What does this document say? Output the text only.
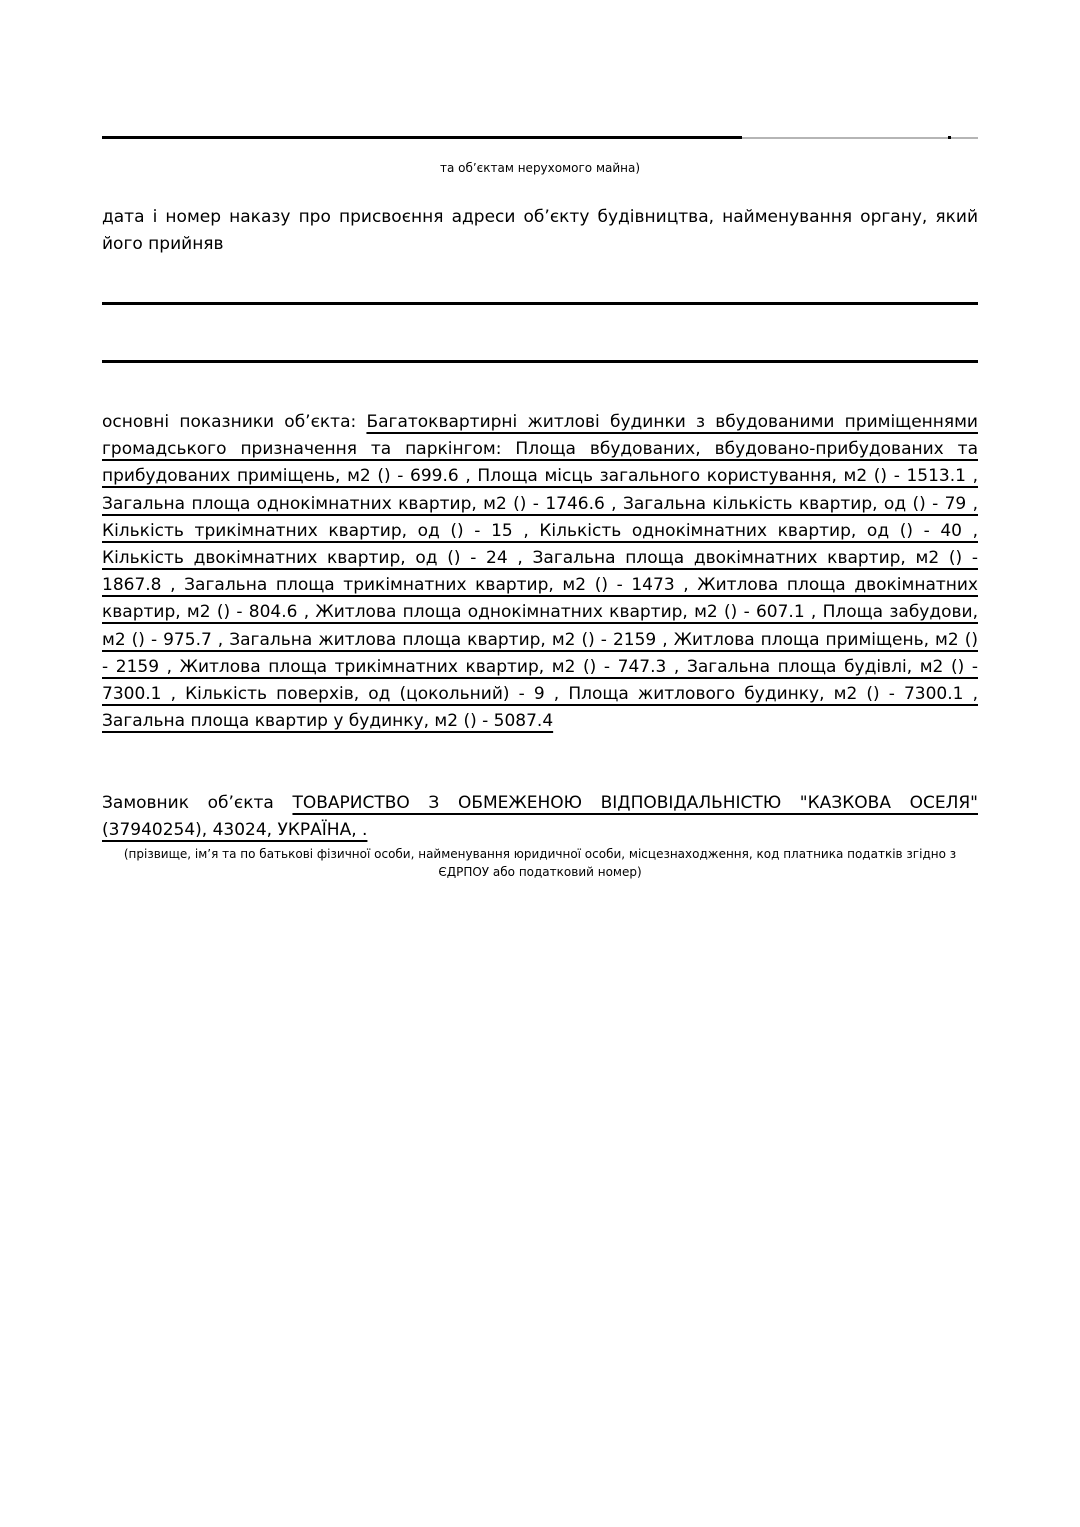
та об’єктам нерухомого майна)
дата і номер наказу про присвоєння адреси об’єкту будівництва, найменування органу, який його прийняв
основні показники об’єкта: Багатоквартирні житлові будинки з вбудованими приміщеннями громадського призначення та паркінгом: Площа вбудованих, вбудовано-прибудованих та прибудованих приміщень, м2 () - 699.6 , Площа місць загального користування, м2 () - 1513.1 , Загальна площа однокімнатних квартир, м2 () - 1746.6 , Загальна кількість квартир, од () - 79 , Кількість трикімнатних квартир, од () - 15 , Кількість однокімнатних квартир, од () - 40 , Кількість двокімнатних квартир, од () - 24 , Загальна площа двокімнатних квартир, м2 () - 1867.8 , Загальна площа трикімнатних квартир, м2 () - 1473 , Житлова площа двокімнатних квартир, м2 () - 804.6 , Житлова площа однокімнатних квартир, м2 () - 607.1 , Площа забудови, м2 () - 975.7 , Загальна житлова площа квартир, м2 () - 2159 , Житлова площа приміщень, м2 () - 2159 , Житлова площа трикімнатних квартир, м2 () - 747.3 , Загальна площа будівлі, м2 () - 7300.1 , Кількість поверхів, од (цокольний) - 9 , Площа житлового будинку, м2 () - 7300.1 , Загальна площа квартир у будинку, м2 () - 5087.4
Замовник об’єкта ТОВАРИСТВО З ОБМЕЖЕНОЮ ВІДПОВІДАЛЬНІСТЮ "КАЗКОВА ОСЕЛЯ" (37940254), 43024, УКРАЇНА, .
(прізвище, ім’я та по батькові фізичної особи, найменування юридичної особи, місцезнаходження, код платника податків згідно з ЄДРПОУ або податковий номер)
